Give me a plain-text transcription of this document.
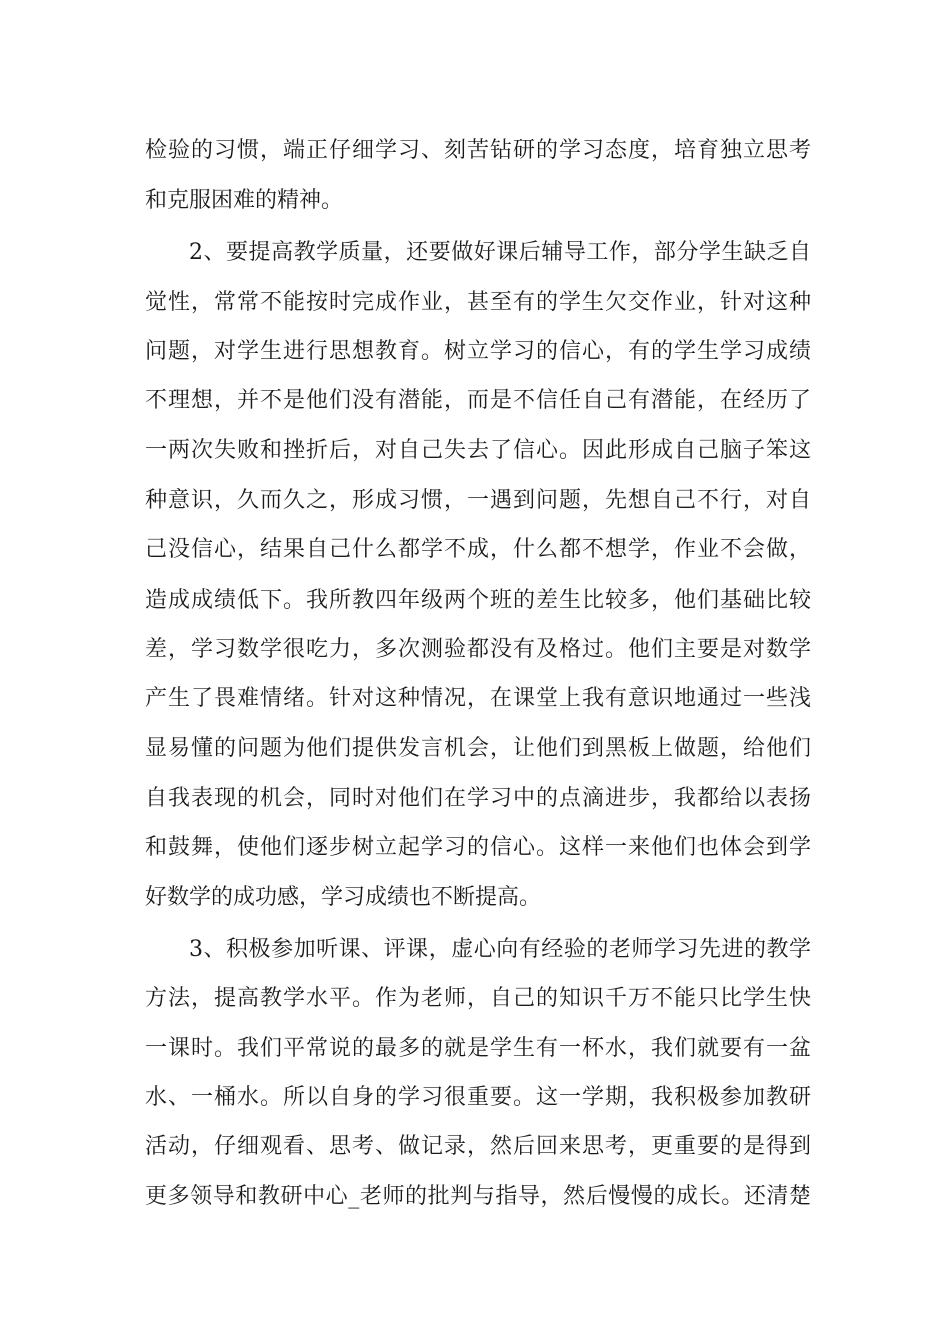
检验的习惯，端正仔细学习、刻苦钻研的学习态度，培育独立思考
和克服困难的精神。
2、要提高教学质量，还要做好课后辅导工作，部分学生缺乏自
觉性，常常不能按时完成作业，甚至有的学生欠交作业，针对这种
问题，对学生进行思想教育。树立学习的信心，有的学生学习成绩
不理想，并不是他们没有潜能，而是不信任自己有潜能，在经历了
一两次失败和挫折后，对自己失去了信心。因此形成自己脑子笨这
种意识，久而久之，形成习惯，一遇到问题，先想自己不行，对自
己没信心，结果自己什么都学不成，什么都不想学，作业不会做，
造成成绩低下。我所教四年级两个班的差生比较多，他们基础比较
差，学习数学很吃力，多次测验都没有及格过。他们主要是对数学
产生了畏难情绪。针对这种情况，在课堂上我有意识地通过一些浅
显易懂的问题为他们提供发言机会，让他们到黑板上做题，给他们
自我表现的机会，同时对他们在学习中的点滴进步，我都给以表扬
和鼓舞，使他们逐步树立起学习的信心。这样一来他们也体会到学
好数学的成功感，学习成绩也不断提高。
3、积极参加听课、评课，虚心向有经验的老师学习先进的教学
方法，提高教学水平。作为老师，自己的知识千万不能只比学生快
一课时。我们平常说的最多的就是学生有一杯水，我们就要有一盆
水、一桶水。所以自身的学习很重要。这一学期，我积极参加教研
活动，仔细观看、思考、做记录，然后回来思考，更重要的是得到
更多领导和教研中心_老师的批判与指导，然后慢慢的成长。还清楚
